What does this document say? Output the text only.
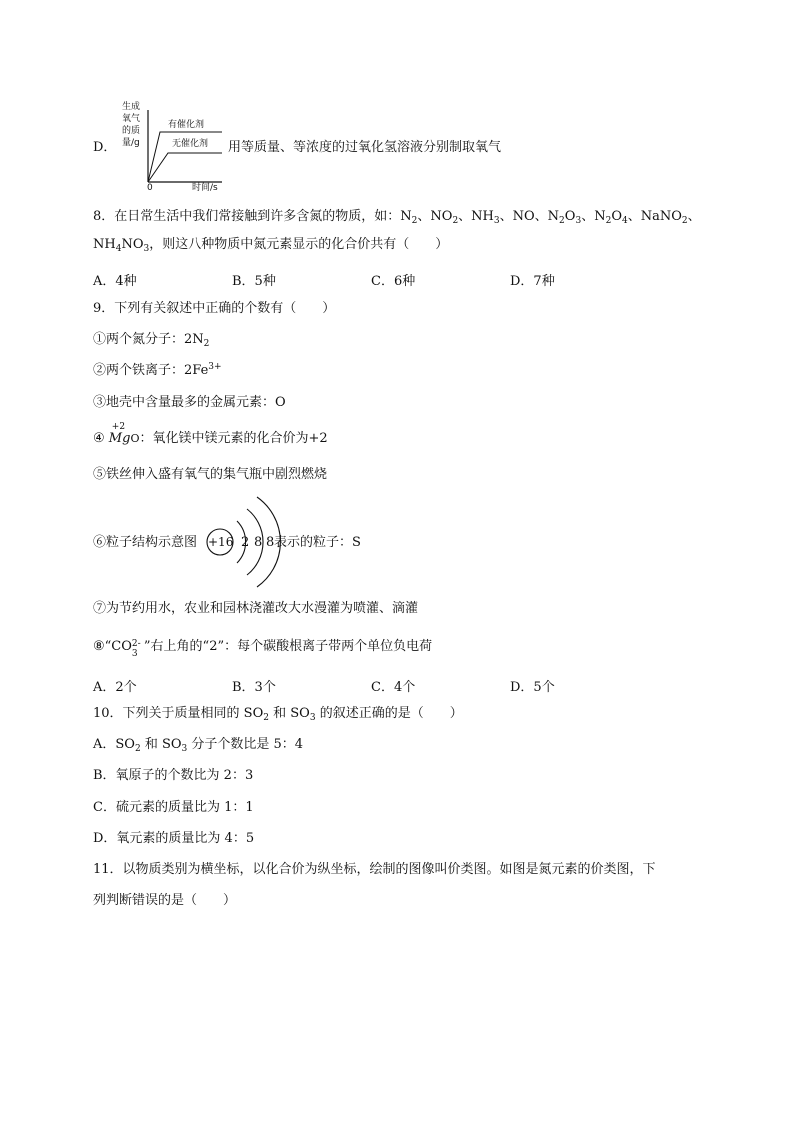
D．
生成
氧气
的质
量/g
有催化剂
无催化剂
0	时间/s
用等质量、等浓度的过氧化氢溶液分别制取氧气
8．在日常生活中我们常接触到许多含氮的物质，如：$N_2$、$NO_2$、$NH_3$、NO、$N_2O_3$、$N_2O_4$、NaNO$_2$、
$NH_4NO_3$，则这八种物质中氮元素显示的化合价共有（　　）
A．4种	B．5种	C．6种	D．7种
9．下列有关叙述中正确的个数有（　　）
①两个氮分子：$2N_2$
②两个铁离子：$2Fe^{3+}$
③地壳中含量最多的金属元素：O
④
+2
MgO：氧化镁中镁元素的化合价为+2
⑤铁丝伸入盛有氧气的集气瓶中剧烈燃烧
⑥粒子结构示意图 +16 2 8 8 表示的粒子：S
⑦为节约用水，农业和园林浇灌改大水漫灌为喷灌、滴灌
⑧“CO 3
2- ”右上角的“2”：每个碳酸根离子带两个单位负电荷
A．2个	B．3个	C．4个	D．5个
10．下列关于质量相同的 $SO_2$ 和 $SO_3$ 的叙述正确的是（　　）
A．$SO_2$ 和 $SO_3$ 分子个数比是 5：4
B．氧原子的个数比为 2：3
C．硫元素的质量比为 1：1
D．氧元素的质量比为 4：5
11．以物质类别为横坐标，以化合价为纵坐标，绘制的图像叫价类图。如图是氮元素的价类图，下
列判断错误的是（　　）
